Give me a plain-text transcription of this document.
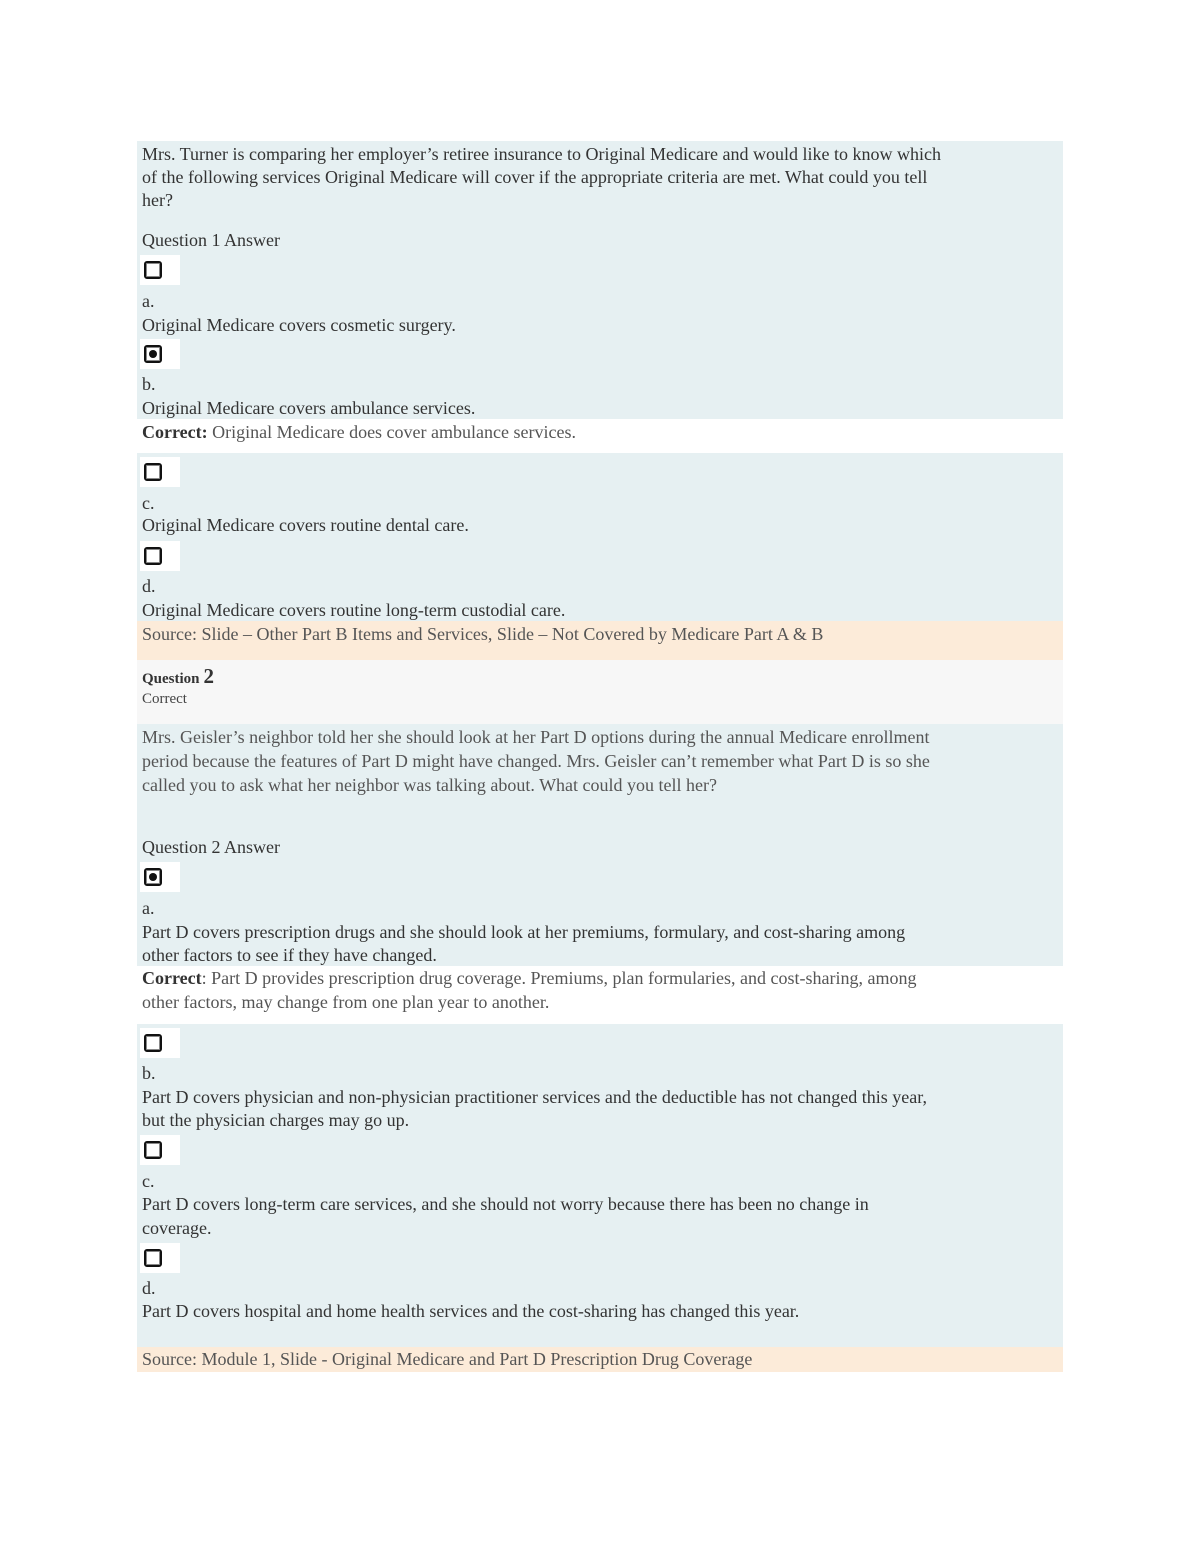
Mrs. Turner is comparing her employer’s retiree insurance to Original Medicare and would like to know which
of the following services Original Medicare will cover if the appropriate criteria are met. What could you tell
her?
Question 1 Answer
a.
Original Medicare covers cosmetic surgery.
b.
Original Medicare covers ambulance services.
Correct: Original Medicare does cover ambulance services.
c.
Original Medicare covers routine dental care.
d.
Original Medicare covers routine long-term custodial care.
Source: Slide – Other Part B Items and Services, Slide – Not Covered by Medicare Part A & B
Question 2
Correct
Mrs. Geisler’s neighbor told her she should look at her Part D options during the annual Medicare enrollment
period because the features of Part D might have changed. Mrs. Geisler can’t remember what Part D is so she
called you to ask what her neighbor was talking about. What could you tell her?
Question 2 Answer
a.
Part D covers prescription drugs and she should look at her premiums, formulary, and cost-sharing among
other factors to see if they have changed.
Correct: Part D provides prescription drug coverage. Premiums, plan formularies, and cost-sharing, among
other factors, may change from one plan year to another.
b.
Part D covers physician and non-physician practitioner services and the deductible has not changed this year,
but the physician charges may go up.
c.
Part D covers long-term care services, and she should not worry because there has been no change in
coverage.
d.
Part D covers hospital and home health services and the cost-sharing has changed this year.
Source: Module 1, Slide - Original Medicare and Part D Prescription Drug Coverage
